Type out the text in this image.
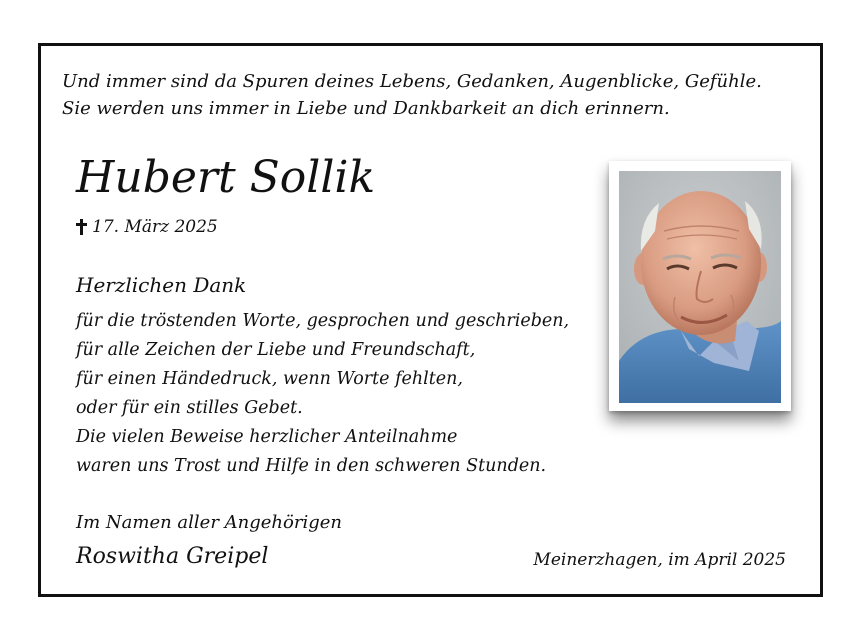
Und immer sind da Spuren deines Lebens, Gedanken, Augenblicke, Gefühle.
Sie werden uns immer in Liebe und Dankbarkeit an dich erinnern.
Hubert Sollik
17. März 2025
Herzlichen Dank
für die tröstenden Worte, gesprochen und geschrieben,
für alle Zeichen der Liebe und Freundschaft,
für einen Händedruck, wenn Worte fehlten,
oder für ein stilles Gebet.
Die vielen Beweise herzlicher Anteilnahme
waren uns Trost und Hilfe in den schweren Stunden.
Im Namen aller Angehörigen
Roswitha Greipel	Meinerzhagen, im April 2025
